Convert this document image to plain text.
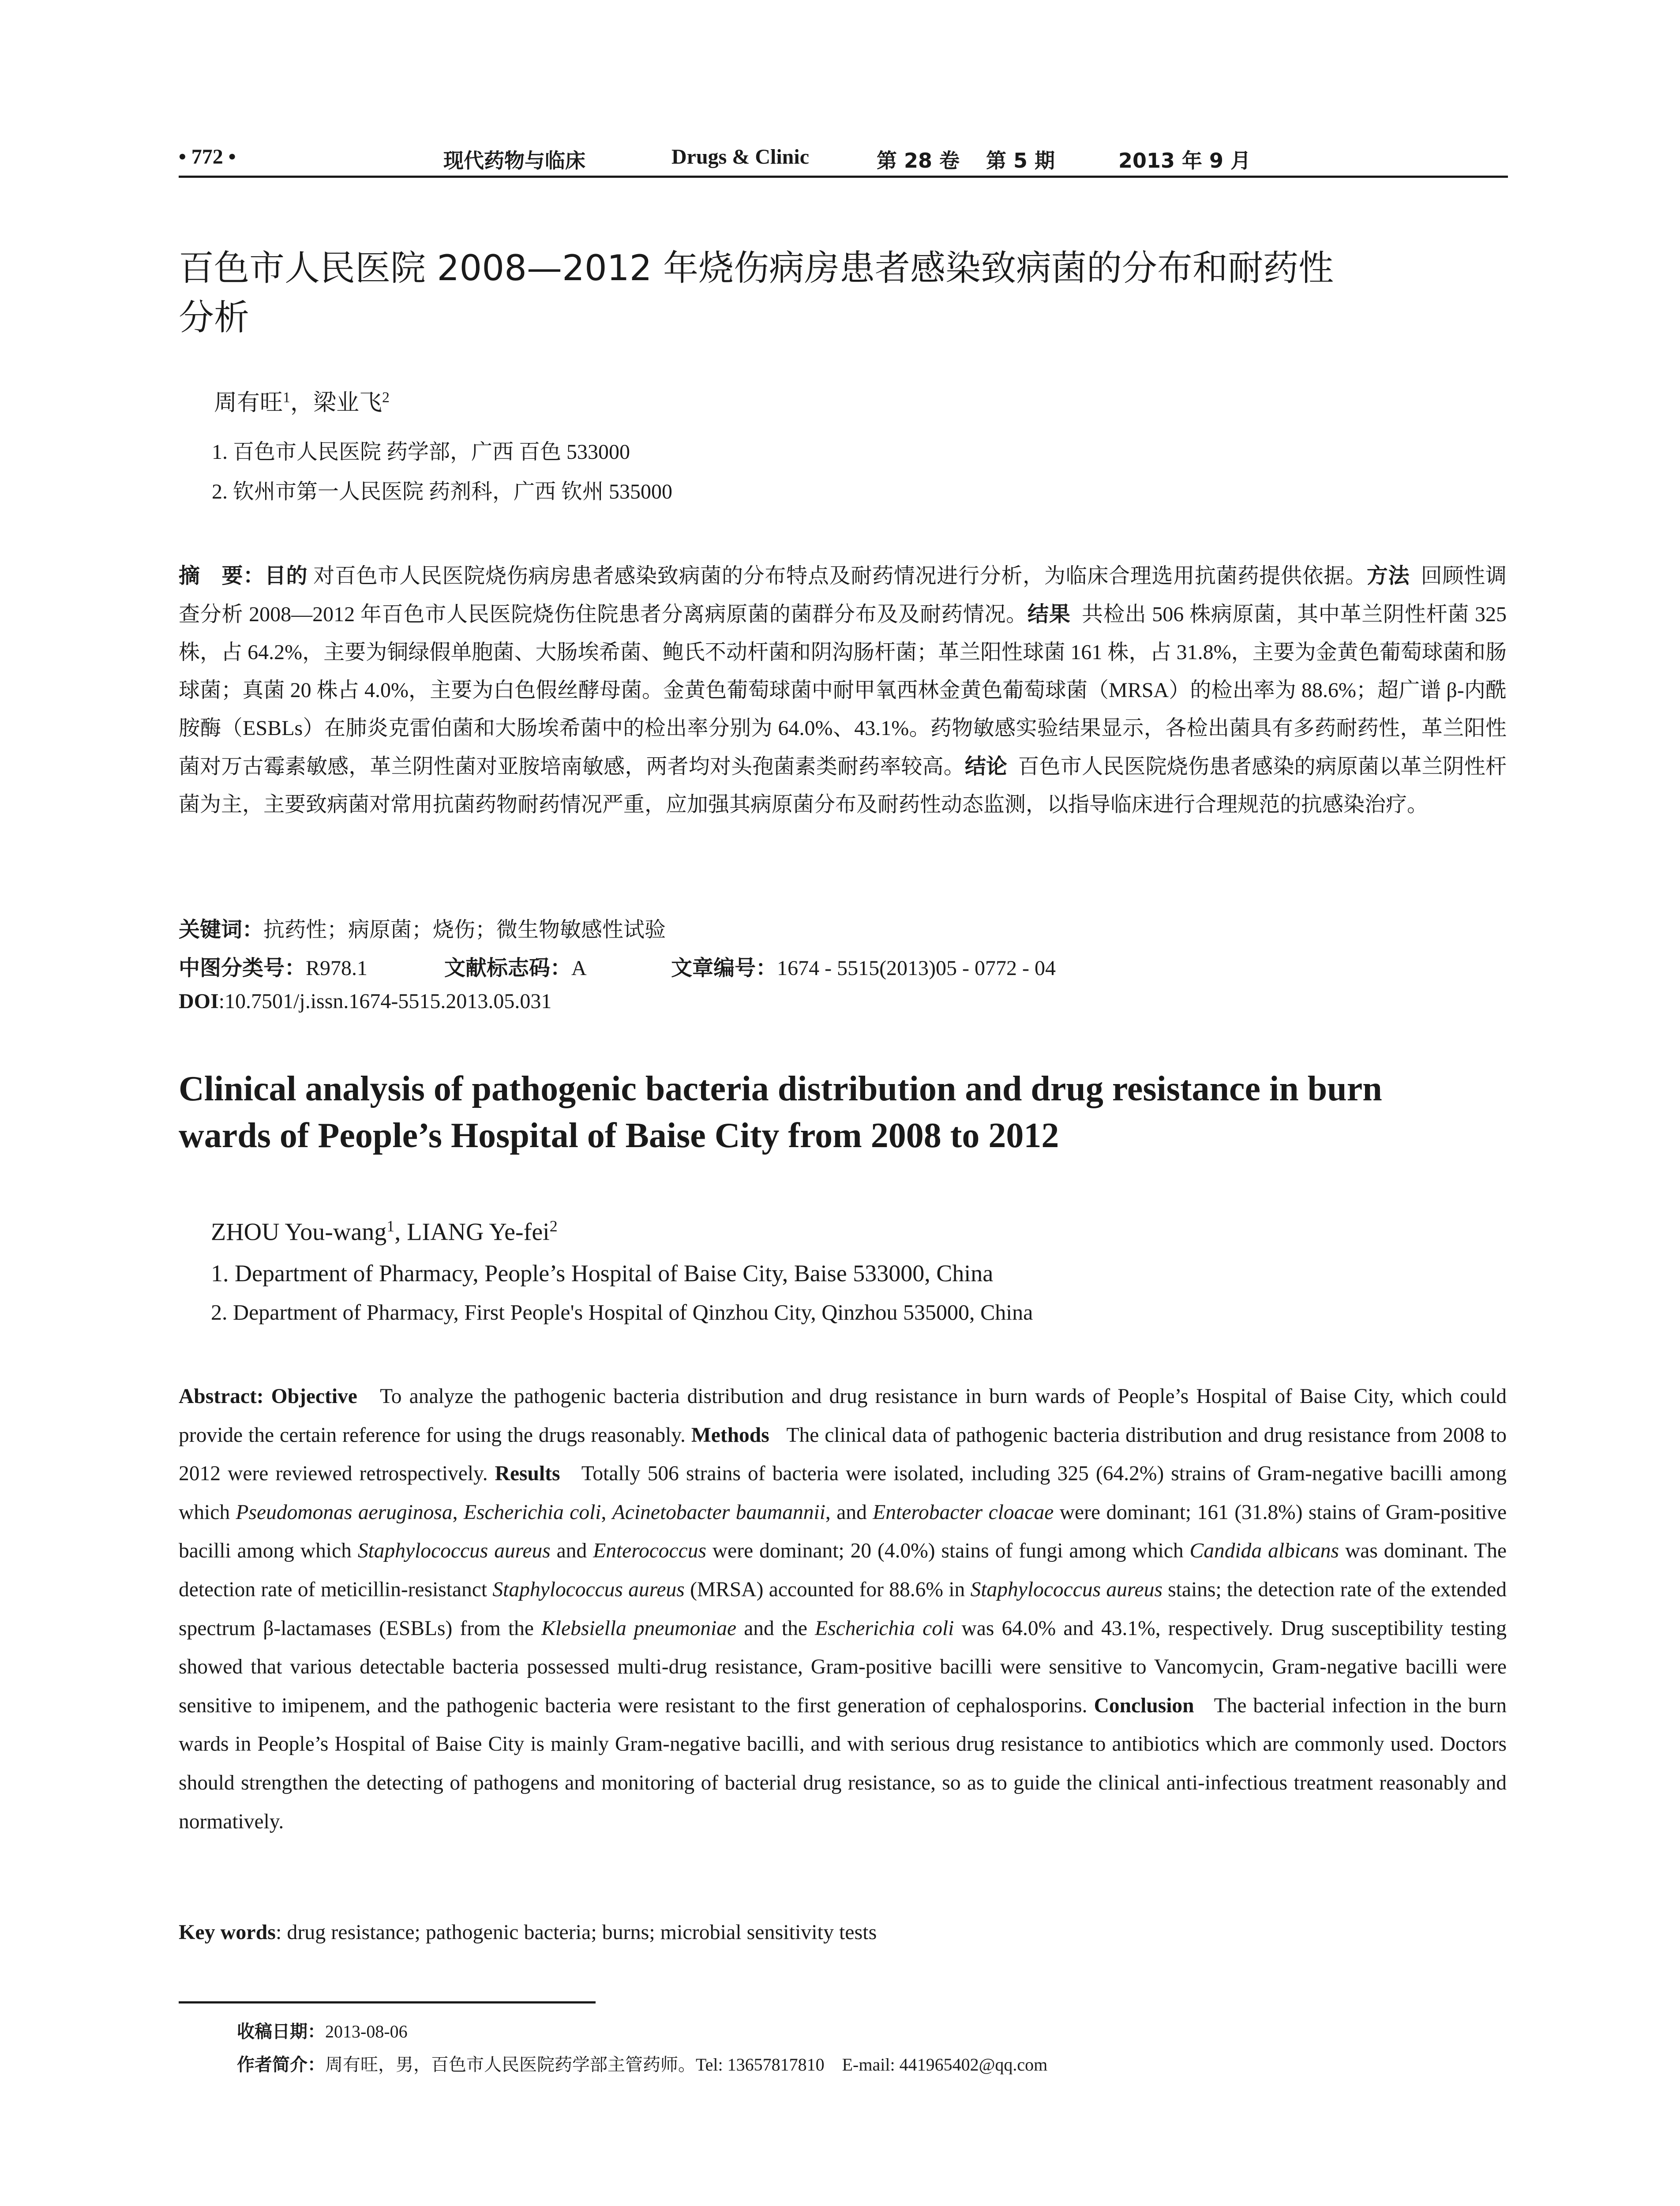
• 772 •	现代药物与临床	Drugs & Clinic	第 28 卷 第 5 期	2013 年 9 月
百色市人民医院 2008—2012 年烧伤病房患者感染致病菌的分布和耐药性
分析
周有旺$^1$，梁业飞$^2$
1. 百色市人民医院 药学部，广西 百色 533000
2. 钦州市第一人民医院 药剂科，广西 钦州 535000
摘　要：目的 对百色市人民医院烧伤病房患者感染致病菌的分布特点及耐药情况进行分析，为临床合理选用抗菌药提供依据。方法 回顾性调查分析 2008—2012 年百色市人民医院烧伤住院患者分离病原菌的菌群分布及及耐药情况。结果 共检出 506 株病原菌，其中革兰阴性杆菌 325 株，占 64.2%，主要为铜绿假单胞菌、大肠埃希菌、鲍氏不动杆菌和阴沟肠杆菌；革兰阳性球菌 161 株，占 31.8%，主要为金黄色葡萄球菌和肠球菌；真菌 20 株占 4.0%，主要为白色假丝酵母菌。金黄色葡萄球菌中耐甲氧西林金黄色葡萄球菌（MRSA）的检出率为 88.6%；超广谱 β-内酰胺酶（ESBLs）在肺炎克雷伯菌和大肠埃希菌中的检出率分别为 64.0%、43.1%。药物敏感实验结果显示，各检出菌具有多药耐药性，革兰阳性菌对万古霉素敏感，革兰阴性菌对亚胺培南敏感，两者均对头孢菌素类耐药率较高。结论 百色市人民医院烧伤患者感染的病原菌以革兰阴性杆菌为主，主要致病菌对常用抗菌药物耐药情况严重，应加强其病原菌分布及耐药性动态监测，以指导临床进行合理规范的抗感染治疗。
关键词：抗药性；病原菌；烧伤；微生物敏感性试验
中图分类号：R978.1	文献标志码：A	文章编号：1674 - 5515(2013)05 - 0772 - 04
DOI:10.7501/j.issn.1674-5515.2013.05.031
Clinical analysis of pathogenic bacteria distribution and drug resistance in burn
wards of People’s Hospital of Baise City from 2008 to 2012
ZHOU You-wang$^1$, LIANG Ye-fei$^2$
1. Department of Pharmacy, People’s Hospital of Baise City, Baise 533000, China
2. Department of Pharmacy, First People's Hospital of Qinzhou City, Qinzhou 535000, China
Abstract: Objective To analyze the pathogenic bacteria distribution and drug resistance in burn wards of People’s Hospital of Baise City, which could provide the certain reference for using the drugs reasonably. Methods The clinical data of pathogenic bacteria distribution and drug resistance from 2008 to 2012 were reviewed retrospectively. Results Totally 506 strains of bacteria were isolated, including 325 (64.2%) strains of Gram-negative bacilli among which Pseudomonas aeruginosa, Escherichia coli, Acinetobacter baumannii, and Enterobacter cloacae were dominant; 161 (31.8%) stains of Gram-positive bacilli among which Staphylococcus aureus and Enterococcus were dominant; 20 (4.0%) stains of fungi among which Candida albicans was dominant. The detection rate of meticillin-resistanct Staphylococcus aureus (MRSA) accounted for 88.6% in Staphylococcus aureus stains; the detection rate of the extended spectrum β-lactamases (ESBLs) from the Klebsiella pneumoniae and the Escherichia coli was 64.0% and 43.1%, respectively. Drug susceptibility testing showed that various detectable bacteria possessed multi-drug resistance, Gram-positive bacilli were sensitive to Vancomycin, Gram-negative bacilli were sensitive to imipenem, and the pathogenic bacteria were resistant to the first generation of cephalosporins. Conclusion The bacterial infection in the burn wards in People’s Hospital of Baise City is mainly Gram-negative bacilli, and with serious drug resistance to antibiotics which are commonly used. Doctors should strengthen the detecting of pathogens and monitoring of bacterial drug resistance, so as to guide the clinical anti-infectious treatment reasonably and normatively.
Key words: drug resistance; pathogenic bacteria; burns; microbial sensitivity tests
收稿日期：2013-08-06
作者简介：周有旺，男，百色市人民医院药学部主管药师。Tel: 13657817810　E-mail: 441965402@qq.com
